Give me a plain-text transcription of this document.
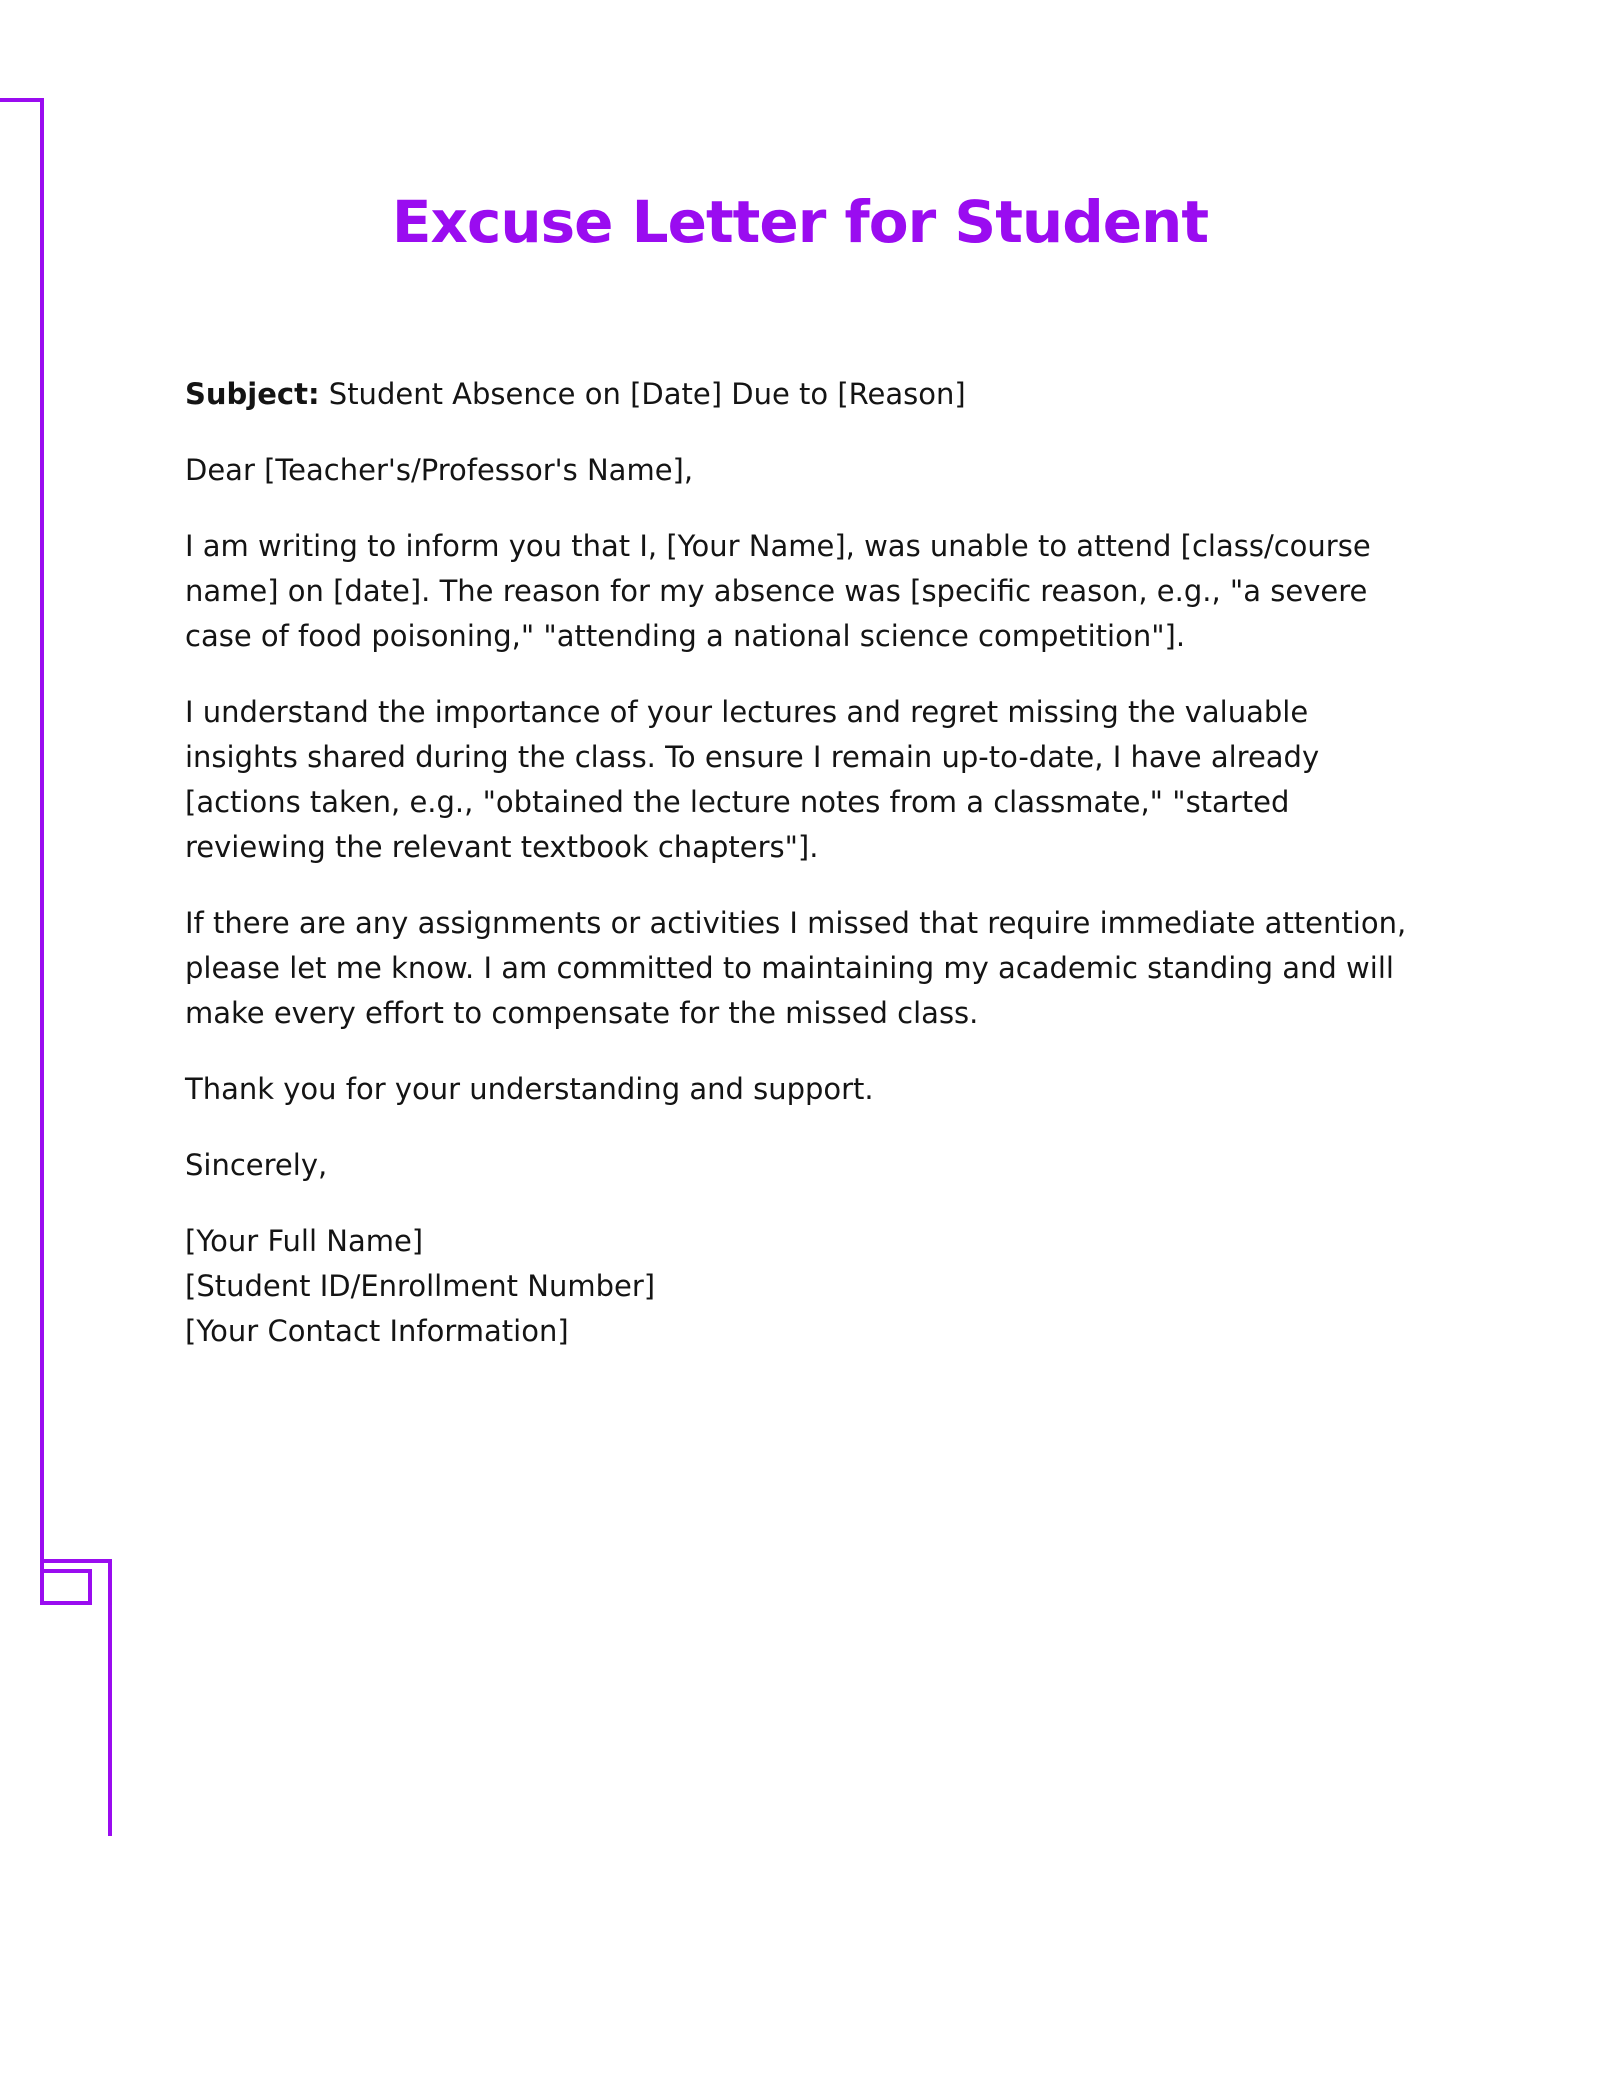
Excuse Letter for Student

Subject: Student Absence on [Date] Due to [Reason]

Dear [Teacher's/Professor's Name],

I am writing to inform you that I, [Your Name], was unable to attend [class/course name] on [date]. The reason for my absence was [specific reason, e.g., "a severe case of food poisoning," "attending a national science competition"].

I understand the importance of your lectures and regret missing the valuable insights shared during the class. To ensure I remain up-to-date, I have already [actions taken, e.g., "obtained the lecture notes from a classmate," "started reviewing the relevant textbook chapters"].

If there are any assignments or activities I missed that require immediate attention, please let me know. I am committed to maintaining my academic standing and will make every effort to compensate for the missed class.

Thank you for your understanding and support.

Sincerely,

[Your Full Name]
[Student ID/Enrollment Number]
[Your Contact Information]
